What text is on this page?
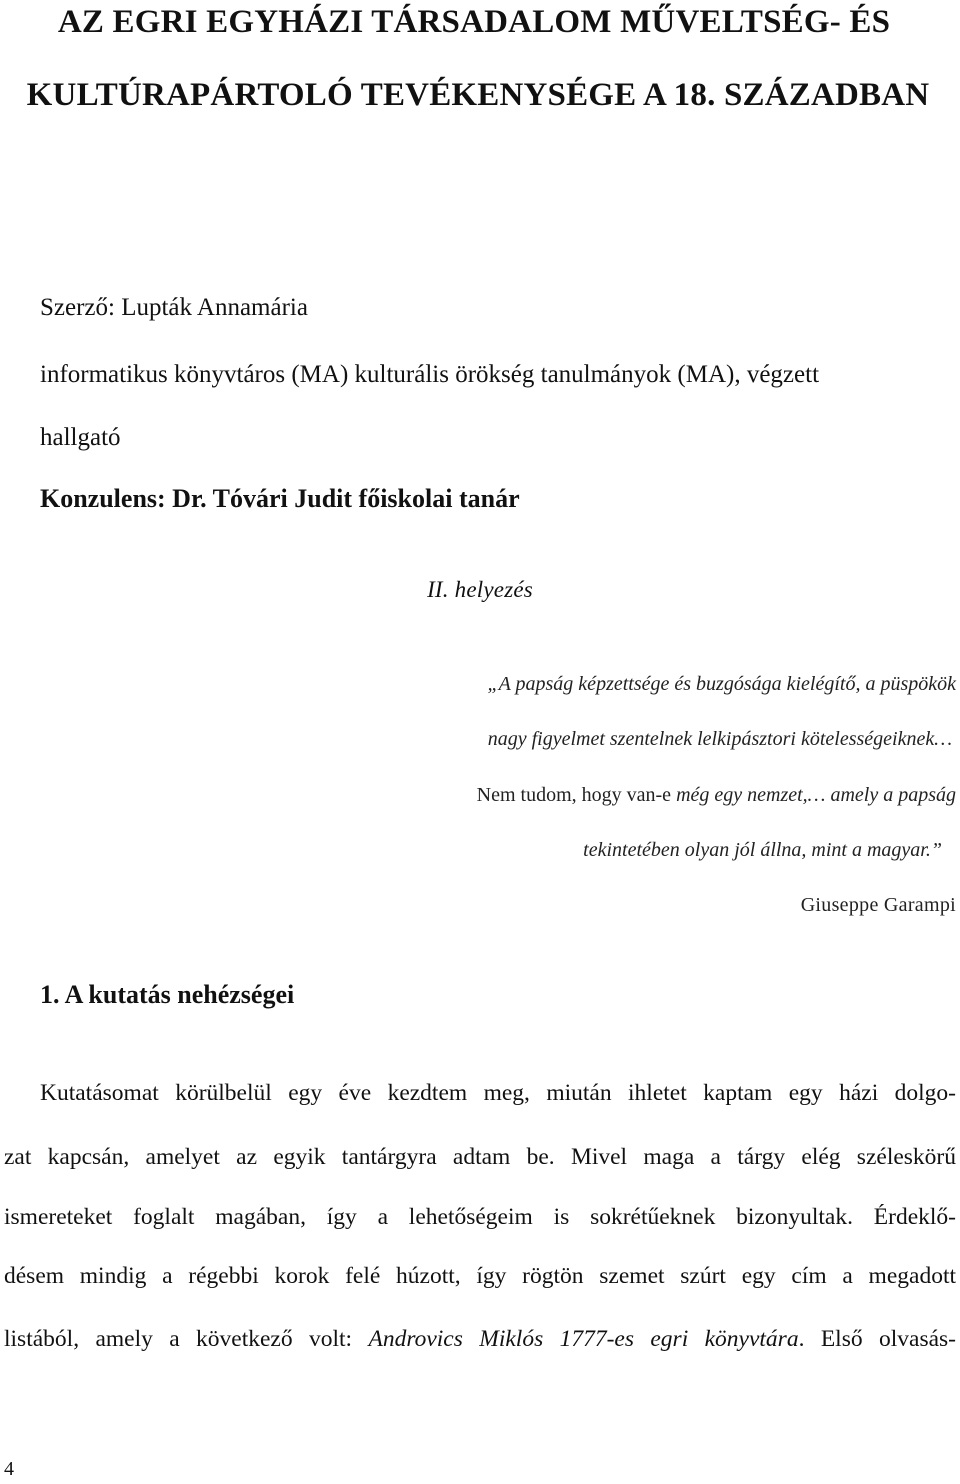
AZ EGRI EGYHÁZI TÁRSADALOM MŰVELTSÉG- ÉS
KULTÚRAPÁRTOLÓ TEVÉKENYSÉGE A 18. SZÁZADBAN
Szerző: Lupták Annamária
informatikus könyvtáros (MA) kulturális örökség tanulmányok (MA), végzett
hallgató
Konzulens: Dr. Tóvári Judit főiskolai tanár
II. helyezés
„A papság képzettsége és buzgósága kielégítő, a püspökök
nagy figyelmet szentelnek lelkipásztori kötelességeiknek…
Nem tudom, hogy van-e még egy nemzet,… amely a papság
tekintetében olyan jól állna, mint a magyar.”
Giuseppe Garampi
1. A kutatás nehézségei
Kutatásomat körülbelül egy éve kezdtem meg, miután ihletet kaptam egy házi dolgo-
zat kapcsán, amelyet az egyik tantárgyra adtam be. Mivel maga a tárgy elég széleskörű
ismereteket foglalt magában, így a lehetőségeim is sokrétűeknek bizonyultak. Érdeklő-
désem mindig a régebbi korok felé húzott, így rögtön szemet szúrt egy cím a megadott
listából, amely a következő volt: Androvics Miklós 1777-es egri könyvtára. Első olvasás-
4
